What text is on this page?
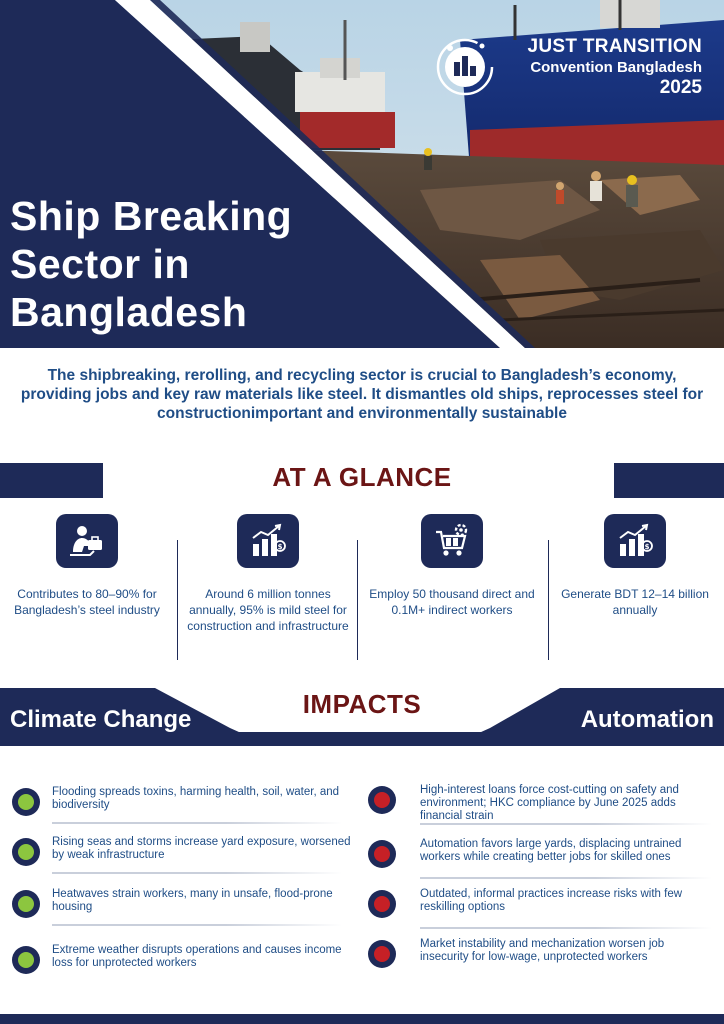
Ship Breaking
Sector in
Bangladesh
JUST TRANSITION
Convention Bangladesh
2025

The shipbreaking, rerolling, and recycling sector is crucial to Bangladesh’s economy, providing jobs and key raw materials like steel. It dismantles old ships, reprocesses steel for constructionimportant and environmentally sustainable

AT A GLANCE

Contributes to 80–90% for Bangladesh’s steel industry

$

Around 6 million tonnes annually, 95% is mild steel for construction and infrastructure

Employ 50 thousand direct and 0.1M+ indirect workers

$

Generate BDT 12–14 billion annually

IMPACTS
Climate Change	Automation

Flooding spreads toxins, harming health, soil, water, and biodiversity

Rising seas and storms increase yard exposure, worsened by weak infrastructure

Heatwaves strain workers, many in unsafe, flood-prone housing

Extreme weather disrupts operations and causes income loss for unprotected workers

High-interest loans force cost-cutting on safety and environment; HKC compliance by June 2025 adds financial strain

Automation favors large yards, displacing untrained workers while creating better jobs for skilled ones

Outdated, informal practices increase risks with few reskilling options

Market instability and mechanization worsen job insecurity for low-wage, unprotected workers
